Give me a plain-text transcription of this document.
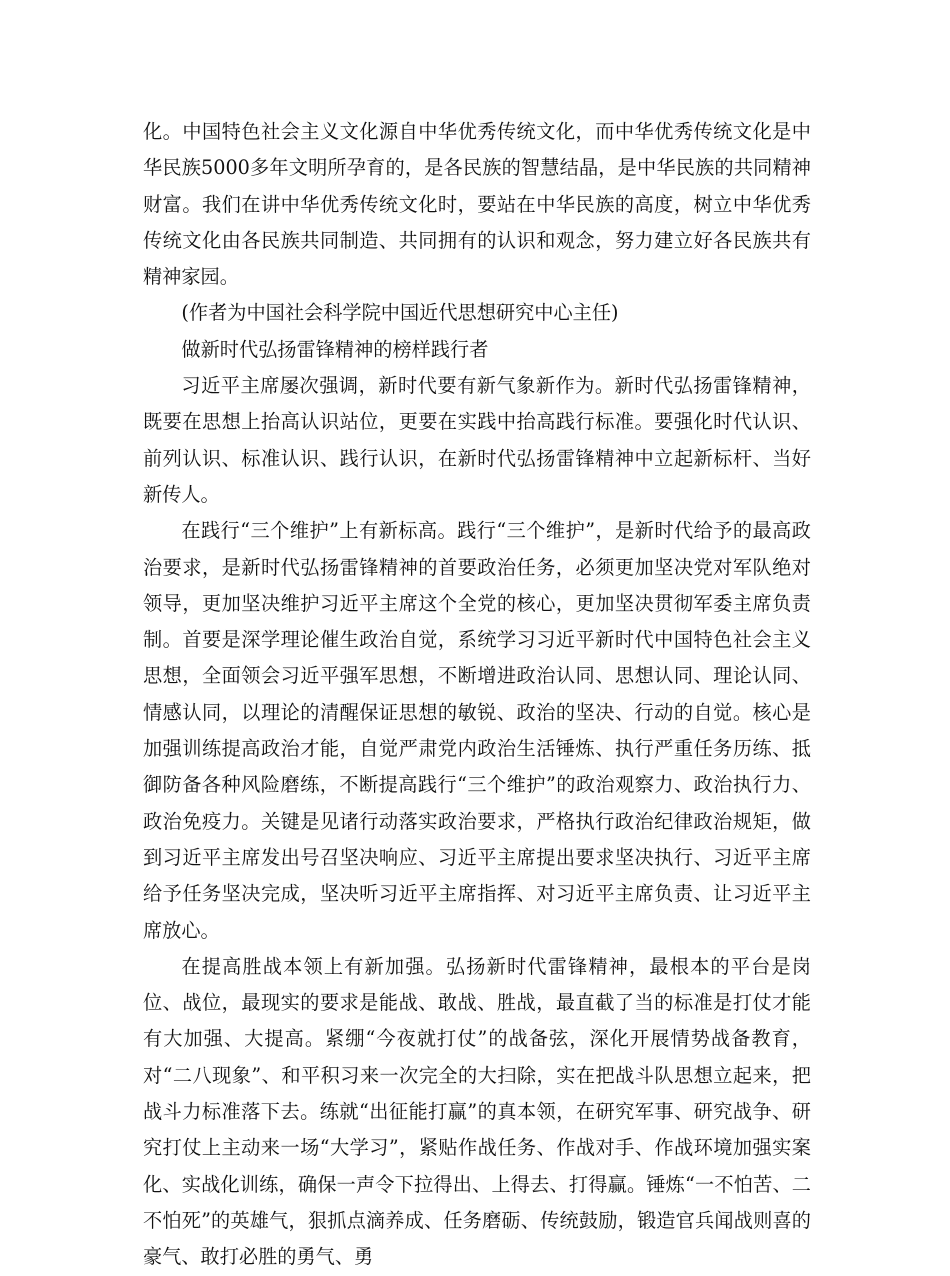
化。中国特色社会主义文化源自中华优秀传统文化，而中华优秀传统文化是中华民族5000多年文明所孕育的，是各民族的智慧结晶，是中华民族的共同精神财富。我们在讲中华优秀传统文化时，要站在中华民族的高度，树立中华优秀传统文化由各民族共同制造、共同拥有的认识和观念，努力建立好各民族共有精神家园。

(作者为中国社会科学院中国近代思想研究中心主任)

做新时代弘扬雷锋精神的榜样践行者

习近平主席屡次强调，新时代要有新气象新作为。新时代弘扬雷锋精神，既要在思想上抬高认识站位，更要在实践中抬高践行标准。要强化时代认识、前列认识、标准认识、践行认识，在新时代弘扬雷锋精神中立起新标杆、当好新传人。

在践行“三个维护”上有新标高。践行“三个维护”，是新时代给予的最高政治要求，是新时代弘扬雷锋精神的首要政治任务，必须更加坚决党对军队绝对领导，更加坚决维护习近平主席这个全党的核心，更加坚决贯彻军委主席负责制。首要是深学理论催生政治自觉，系统学习习近平新时代中国特色社会主义思想，全面领会习近平强军思想，不断增进政治认同、思想认同、理论认同、情感认同，以理论的清醒保证思想的敏锐、政治的坚决、行动的自觉。核心是加强训练提高政治才能，自觉严肃党内政治生活锤炼、执行严重任务历练、抵御防备各种风险磨练，不断提高践行“三个维护”的政治观察力、政治执行力、政治免疫力。关键是见诸行动落实政治要求，严格执行政治纪律政治规矩，做到习近平主席发出号召坚决响应、习近平主席提出要求坚决执行、习近平主席给予任务坚决完成，坚决听习近平主席指挥、对习近平主席负责、让习近平主席放心。

在提高胜战本领上有新加强。弘扬新时代雷锋精神，最根本的平台是岗位、战位，最现实的要求是能战、敢战、胜战，最直截了当的标准是打仗才能有大加强、大提高。紧绷“今夜就打仗”的战备弦，深化开展情势战备教育，对“二八现象”、和平积习来一次完全的大扫除，实在把战斗队思想立起来，把战斗力标准落下去。练就“出征能打赢”的真本领，在研究军事、研究战争、研究打仗上主动来一场“大学习”，紧贴作战任务、作战对手、作战环境加强实案化、实战化训练，确保一声令下拉得出、上得去、打得赢。锤炼“一不怕苦、二不怕死”的英雄气，狠抓点滴养成、任务磨砺、传统鼓励，锻造官兵闻战则喜的豪气、敢打必胜的勇气、勇
